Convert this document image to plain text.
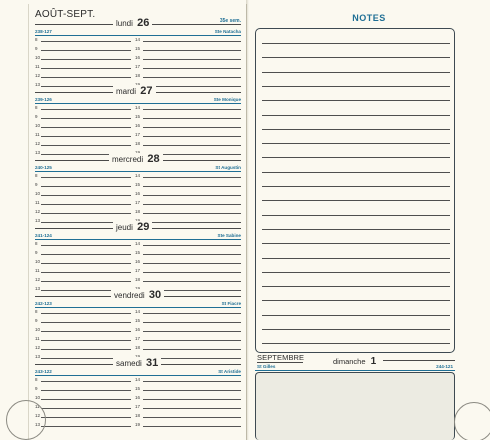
AOÛT-SEPT.
lundi 26	35e sem.
238-127	Ste Natacha
8	14
9	15
10	16
11	17
12	18
13
mardi 27
239-126	Ste Monique
8	14
9	15
10	16
11	17
12	18
13
mercredi 28
240-125	St Augustin
8	14
9	15
10	16
11	17
12	18
13
jeudi 29
241-124	Ste Sabine
8	14
9	15
10	16
11	17
12	18
13
vendredi 30
242-123	St Fiacre
8	14
9	15
10	16
11	17
12	18
13
samedi 31
243-122	St Aristide
8	14
9	15
10	16
11	17
12	18
13	19
NOTES
SEPTEMBRE	dimanche 1
St Gilles	244-121
